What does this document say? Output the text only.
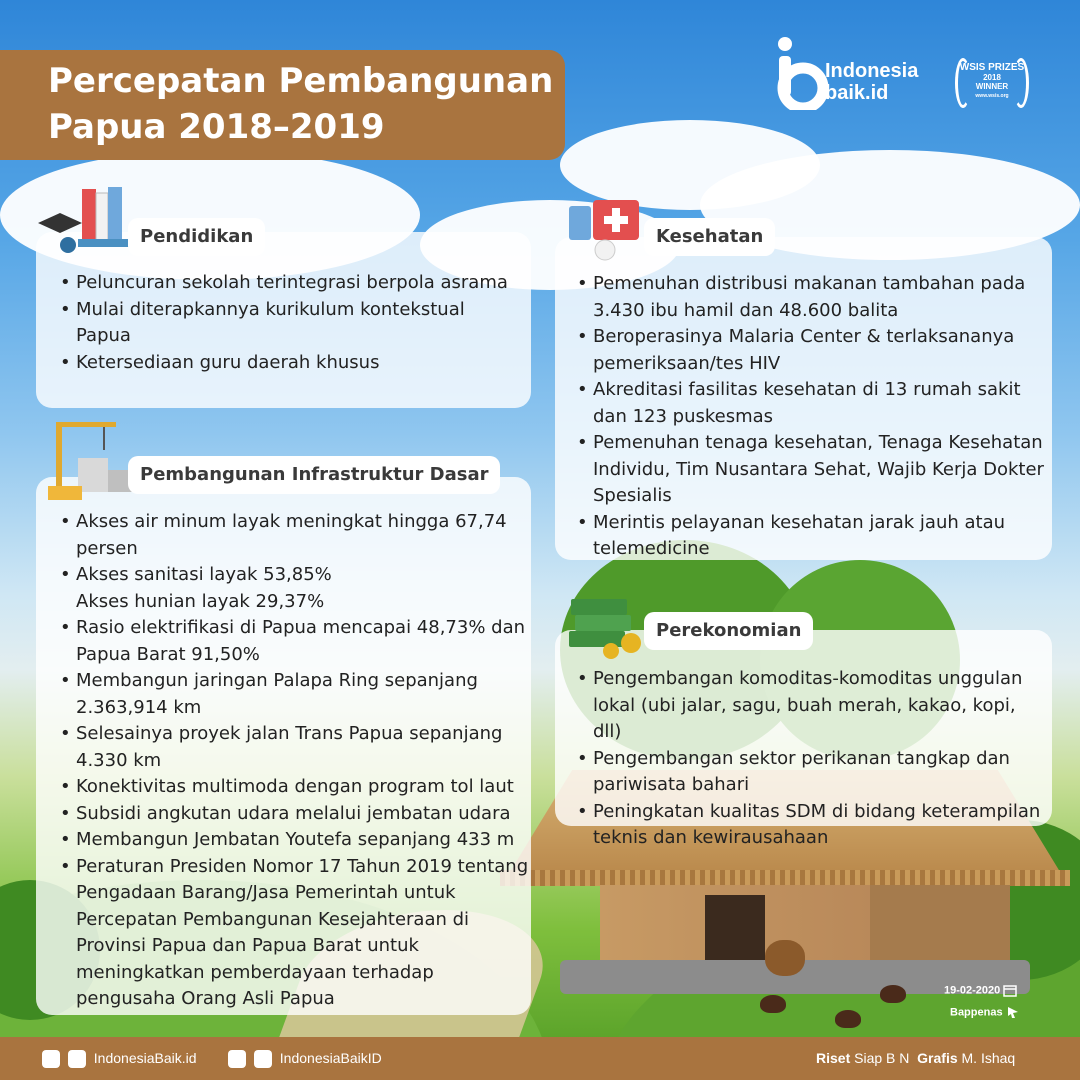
Percepatan Pembangunan Papua 2018–2019
Indonesia baik.id
WSIS PRIZES
2018
WINNER
www.wsis.org
Pendidikan
• Peluncuran sekolah terintegrasi berpola asrama
• Mulai diterapkannya kurikulum kontekstual Papua
• Ketersediaan guru daerah khusus
Pembangunan Infrastruktur Dasar
• Akses air minum layak meningkat hingga 67,74 persen
• Akses sanitasi layak 53,85%
Akses hunian layak 29,37%
• Rasio elektrifikasi di Papua mencapai 48,73% dan Papua Barat 91,50%
• Membangun jaringan Palapa Ring sepanjang 2.363,914 km
• Selesainya proyek jalan Trans Papua sepanjang 4.330 km
• Konektivitas multimoda dengan program tol laut
• Subsidi angkutan udara melalui jembatan udara
• Membangun Jembatan Youtefa sepanjang 433 m
• Peraturan Presiden Nomor 17 Tahun 2019 tentang Pengadaan Barang/Jasa Pemerintah untuk Percepatan Pembangunan Kesejahteraan di Provinsi Papua dan Papua Barat untuk meningkatkan pemberdayaan terhadap pengusaha Orang Asli Papua
Kesehatan
• Pemenuhan distribusi makanan tambahan pada 3.430 ibu hamil dan 48.600 balita
• Beroperasinya Malaria Center & terlaksananya pemeriksaan/tes HIV
• Akreditasi fasilitas kesehatan di 13 rumah sakit dan 123 puskesmas
• Pemenuhan tenaga kesehatan, Tenaga Kesehatan Individu, Tim Nusantara Sehat, Wajib Kerja Dokter Spesialis
• Merintis pelayanan kesehatan jarak jauh atau telemedicine
Perekonomian
• Pengembangan komoditas-komoditas unggulan lokal (ubi jalar, sagu, buah merah, kakao, kopi, dll)
• Pengembangan sektor perikanan tangkap dan pariwisata bahari
• Peningkatan kualitas SDM di bidang keterampilan teknis dan kewirausahaan
19-02-2020
Bappenas
IndonesiaBaik.id	IndonesiaBaikID	Riset Siap B N Grafis M. Ishaq
